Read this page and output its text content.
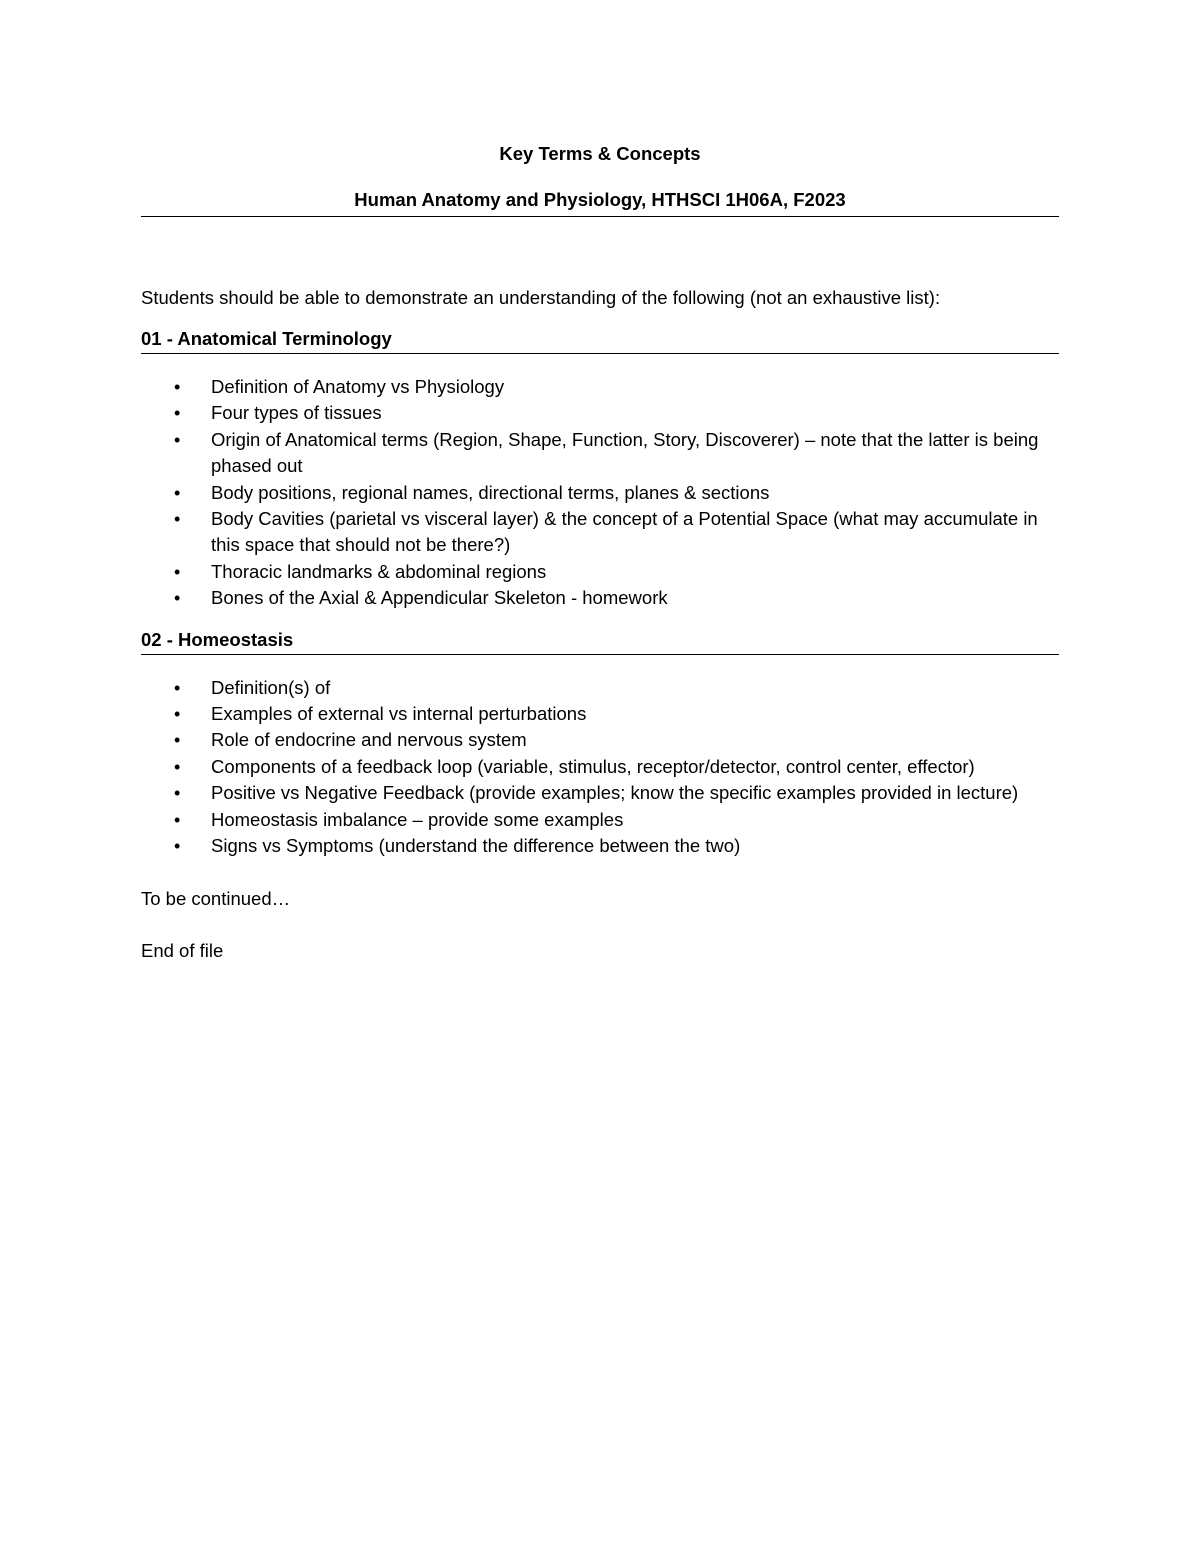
Key Terms & Concepts

Human Anatomy and Physiology, HTHSCI 1H06A, F2023

Students should be able to demonstrate an understanding of the following (not an exhaustive list):

01 - Anatomical Terminology
• Definition of Anatomy vs Physiology
• Four types of tissues
• Origin of Anatomical terms (Region, Shape, Function, Story, Discoverer) – note that the latter is being phased out
• Body positions, regional names, directional terms, planes & sections
• Body Cavities (parietal vs visceral layer) & the concept of a Potential Space (what may accumulate in this space that should not be there?)
• Thoracic landmarks & abdominal regions
• Bones of the Axial & Appendicular Skeleton - homework
02 - Homeostasis
• Definition(s) of
• Examples of external vs internal perturbations
• Role of endocrine and nervous system
• Components of a feedback loop (variable, stimulus, receptor/detector, control center, effector)
• Positive vs Negative Feedback (provide examples; know the specific examples provided in lecture)
• Homeostasis imbalance – provide some examples
• Signs vs Symptoms (understand the difference between the two)

To be continued…

End of file
